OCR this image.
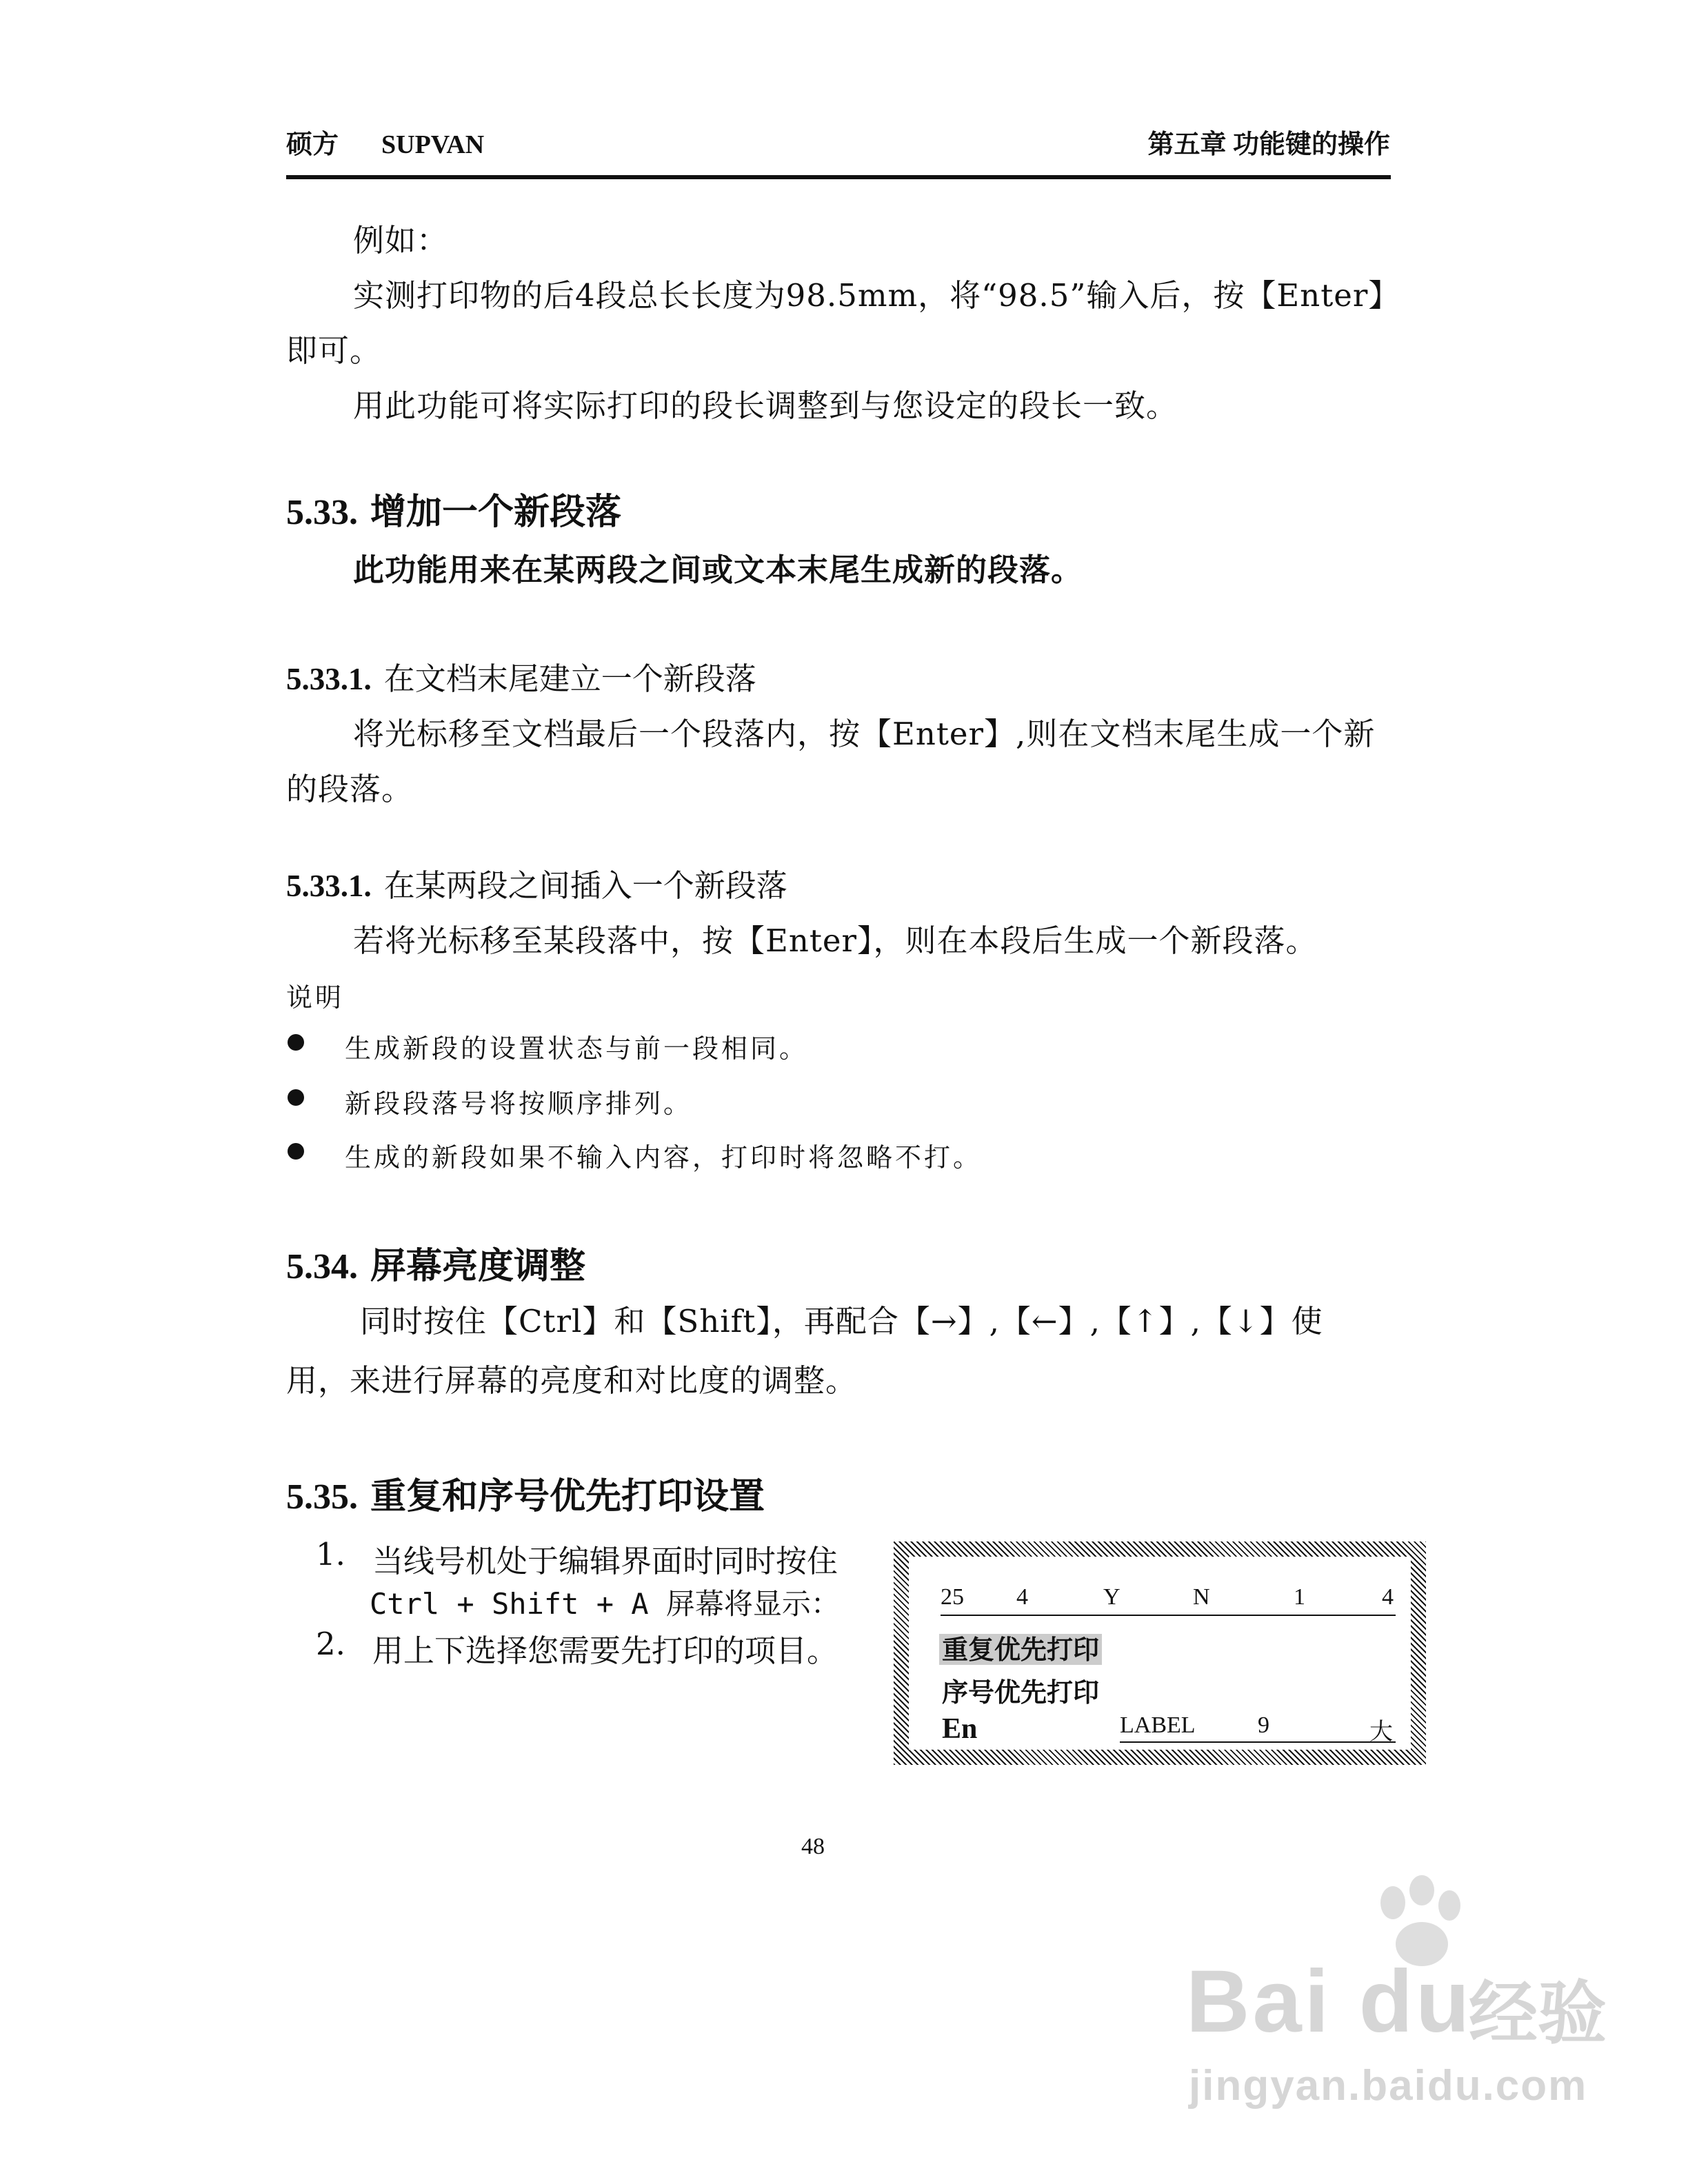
硕方 SUPVAN	第五章 功能键的操作
例如：
实测打印物的后4段总长长度为98.5mm，将“98.5”输入后，按【Enter】
即可。
用此功能可将实际打印的段长调整到与您设定的段长一致。
5.33. 增加一个新段落
此功能用来在某两段之间或文本末尾生成新的段落。
5.33.1. 在文档末尾建立一个新段落
将光标移至文档最后一个段落内，按【Enter】,则在文档末尾生成一个新
的段落。
5.33.1. 在某两段之间插入一个新段落
若将光标移至某段落中，按【Enter】，则在本段后生成一个新段落。
说明
生成新段的设置状态与前一段相同。
新段段落号将按顺序排列。
生成的新段如果不输入内容，打印时将忽略不打。
5.34. 屏幕亮度调整
同时按住【Ctrl】和【Shift】，再配合【→】,【←】,【↑】,【↓】使
用，来进行屏幕的亮度和对比度的调整。
5.35. 重复和序号优先打印设置
1. 当线号机处于编辑界面时同时按住
Ctrl + Shift + A 屏幕将显示：
2. 用上下选择您需要先打印的项目。
25 4	Y	N	1	4
重复优先打印
序号优先打印
En	LABEL	9	大
48
Bai du
经验
jingyan.baidu.com
